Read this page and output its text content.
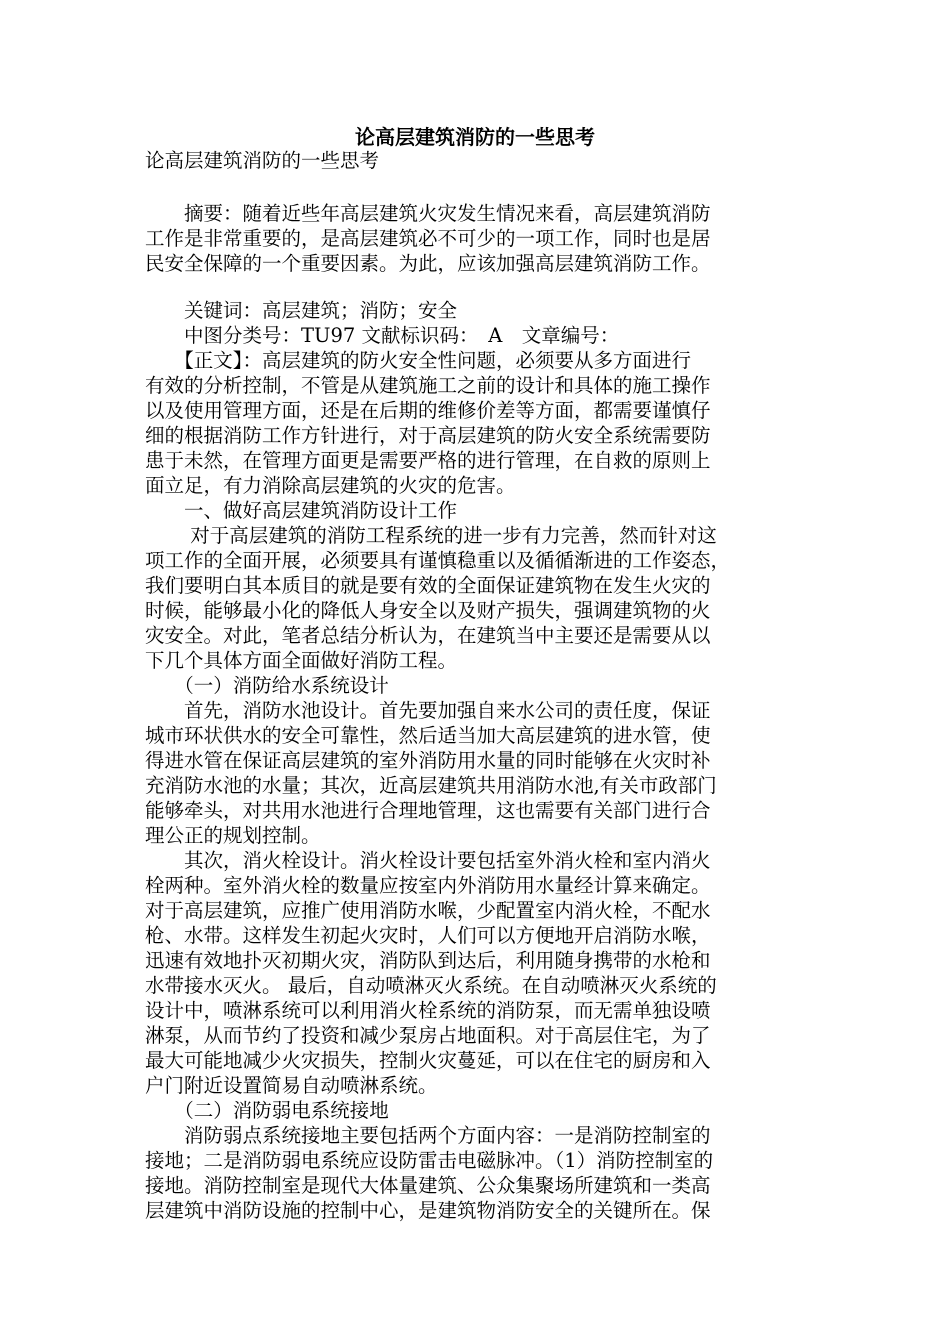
论高层建筑消防的一些思考
论高层建筑消防的一些思考
　　摘要：随着近些年高层建筑火灾发生情况来看，高层建筑消防
工作是非常重要的，是高层建筑必不可少的一项工作，同时也是居
民安全保障的一个重要因素。为此，应该加强高层建筑消防工作。
　　关键词：高层建筑；消防；安全
　　中图分类号：TU97 文献标识码：　A　文章编号：
　　【正文】：高层建筑的防火安全性问题，必须要从多方面进行
有效的分析控制，不管是从建筑施工之前的设计和具体的施工操作
以及使用管理方面，还是在后期的维修价差等方面，都需要谨慎仔
细的根据消防工作方针进行，对于高层建筑的防火安全系统需要防
患于未然，在管理方面更是需要严格的进行管理，在自救的原则上
面立足，有力消除高层建筑的火灾的危害。
　　一、做好高层建筑消防设计工作
　　 对于高层建筑的消防工程系统的进一步有力完善，然而针对这
项工作的全面开展，必须要具有谨慎稳重以及循循渐进的工作姿态，
我们要明白其本质目的就是要有效的全面保证建筑物在发生火灾的
时候，能够最小化的降低人身安全以及财产损失，强调建筑物的火
灾安全。对此，笔者总结分析认为，在建筑当中主要还是需要从以
下几个具体方面全面做好消防工程。
　　（一）消防给水系统设计
　　首先，消防水池设计。首先要加强自来水公司的责任度，保证
城市环状供水的安全可靠性，然后适当加大高层建筑的进水管，使
得进水管在保证高层建筑的室外消防用水量的同时能够在火灾时补
充消防水池的水量；其次，近高层建筑共用消防水池,有关市政部门
能够牵头，对共用水池进行合理地管理，这也需要有关部门进行合
理公正的规划控制。
　　其次，消火栓设计。消火栓设计要包括室外消火栓和室内消火
栓两种。室外消火栓的数量应按室内外消防用水量经计算来确定。
对于高层建筑，应推广使用消防水喉，少配置室内消火栓，不配水
枪、水带。这样发生初起火灾时，人们可以方便地开启消防水喉，
迅速有效地扑灭初期火灾，消防队到达后，利用随身携带的水枪和
水带接水灭火。 最后，自动喷淋灭火系统。在自动喷淋灭火系统的
设计中，喷淋系统可以利用消火栓系统的消防泵，而无需单独设喷
淋泵，从而节约了投资和减少泵房占地面积。对于高层住宅，为了
最大可能地减少火灾损失，控制火灾蔓延，可以在住宅的厨房和入
户门附近设置简易自动喷淋系统。
　　（二）消防弱电系统接地
　　消防弱点系统接地主要包括两个方面内容：一是消防控制室的
接地；二是消防弱电系统应设防雷击电磁脉冲。（1）消防控制室的
接地。消防控制室是现代大体量建筑、公众集聚场所建筑和一类高
层建筑中消防设施的控制中心，是建筑物消防安全的关键所在。保
